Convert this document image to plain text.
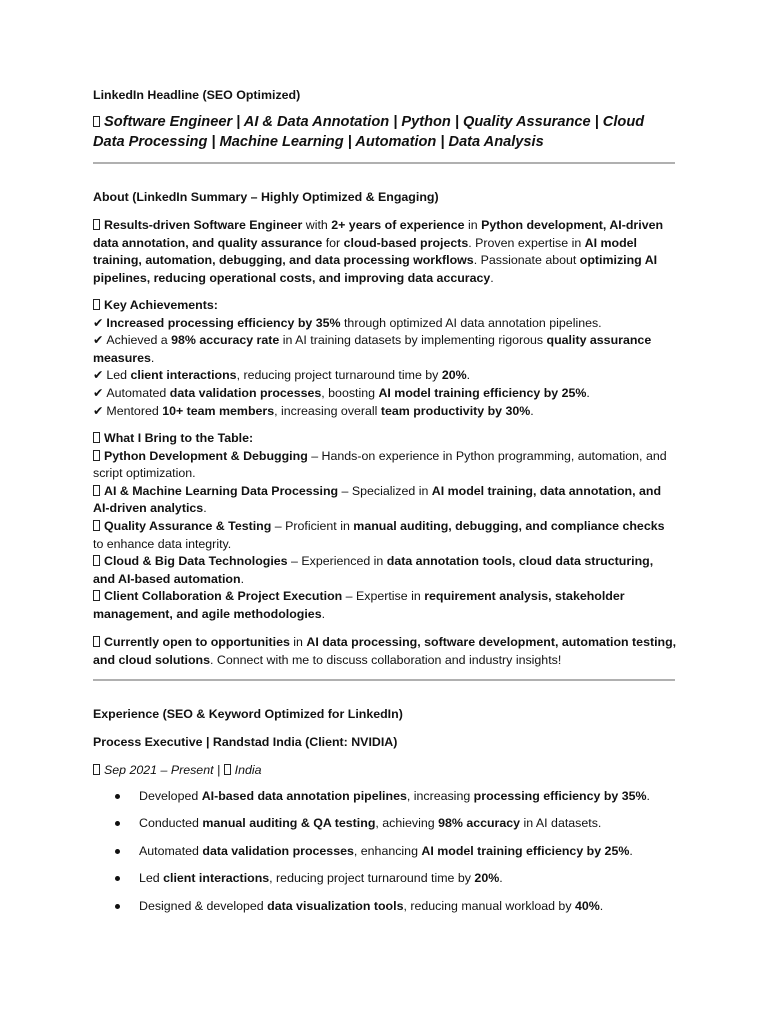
LinkedIn Headline (SEO Optimized)

Software Engineer | AI & Data Annotation | Python | Quality Assurance | Cloud Data Processing | Machine Learning | Automation | Data Analysis

About (LinkedIn Summary – Highly Optimized & Engaging)

Results-driven Software Engineer with 2+ years of experience in Python development, AI-driven data annotation, and quality assurance for cloud-based projects. Proven expertise in AI model training, automation, debugging, and data processing workflows. Passionate about optimizing AI pipelines, reducing operational costs, and improving data accuracy.

Key Achievements:

✔ Increased processing efficiency by 35% through optimized AI data annotation pipelines.

✔ Achieved a 98% accuracy rate in AI training datasets by implementing rigorous quality assurance measures.

✔ Led client interactions, reducing project turnaround time by 20%.

✔ Automated data validation processes, boosting AI model training efficiency by 25%.

✔ Mentored 10+ team members, increasing overall team productivity by 30%.

What I Bring to the Table:

Python Development & Debugging – Hands-on experience in Python programming, automation, and script optimization.

AI & Machine Learning Data Processing – Specialized in AI model training, data annotation, and AI-driven analytics.

Quality Assurance & Testing – Proficient in manual auditing, debugging, and compliance checks to enhance data integrity.

Cloud & Big Data Technologies – Experienced in data annotation tools, cloud data structuring, and AI-based automation.

Client Collaboration & Project Execution – Expertise in requirement analysis, stakeholder management, and agile methodologies.

Currently open to opportunities in AI data processing, software development, automation testing, and cloud solutions. Connect with me to discuss collaboration and industry insights!

Experience (SEO & Keyword Optimized for LinkedIn)

Process Executive | Randstad India (Client: NVIDIA)

Sep 2021 – Present | India

Developed AI-based data annotation pipelines, increasing processing efficiency by 35%.
Conducted manual auditing & QA testing, achieving 98% accuracy in AI datasets.
Automated data validation processes, enhancing AI model training efficiency by 25%.
Led client interactions, reducing project turnaround time by 20%.
Designed & developed data visualization tools, reducing manual workload by 40%.
